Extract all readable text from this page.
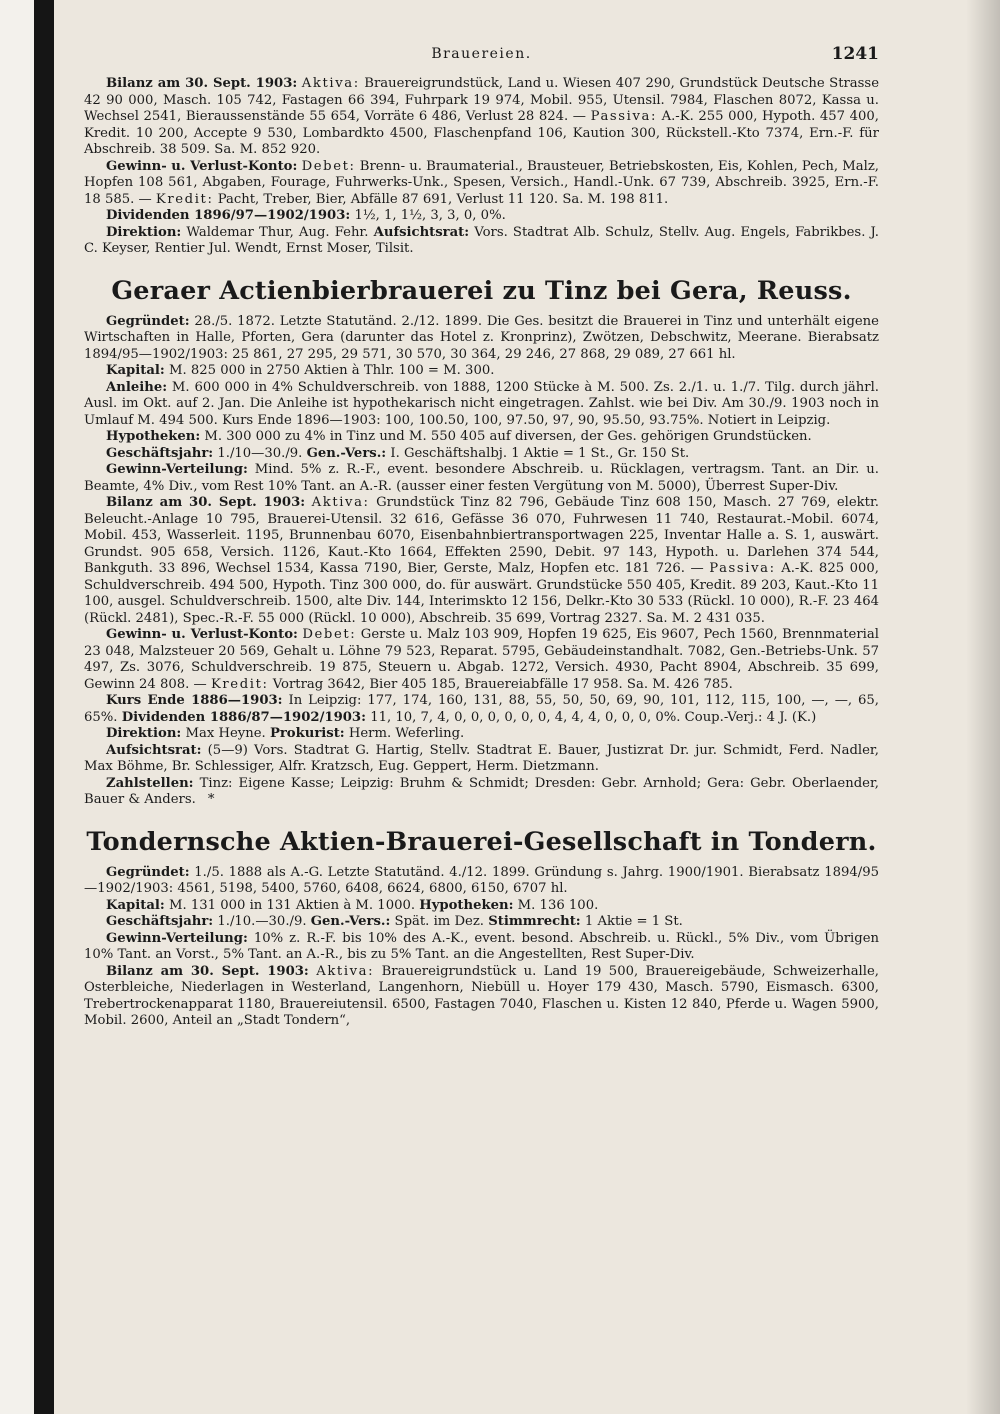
Brauereien.	1241

Bilanz am 30. Sept. 1903: Aktiva: Brauereigrundstück, Land u. Wiesen 407 290, Grundstück Deutsche Strasse 42 90 000, Masch. 105 742, Fastagen 66 394, Fuhrpark 19 974, Mobil. 955, Utensil. 7984, Flaschen 8072, Kassa u. Wechsel 2541, Bieraussenstände 55 654, Vorräte 6 486, Verlust 28 824. — Passiva: A.-K. 255 000, Hypoth. 457 400, Kredit. 10 200, Accepte 9 530, Lombardkto 4500, Flaschenpfand 106, Kaution 300, Rückstell.-Kto 7374, Ern.-F. für Abschreib. 38 509. Sa. M. 852 920.

Gewinn- u. Verlust-Konto: Debet: Brenn- u. Braumaterial., Brausteuer, Betriebskosten, Eis, Kohlen, Pech, Malz, Hopfen 108 561, Abgaben, Fourage, Fuhrwerks-Unk., Spesen, Versich., Handl.-Unk. 67 739, Abschreib. 3925, Ern.-F. 18 585. — Kredit: Pacht, Treber, Bier, Abfälle 87 691, Verlust 11 120. Sa. M. 198 811.

Dividenden 1896/97—1902/1903: 1½, 1, 1½, 3, 3, 0, 0%.

Direktion: Waldemar Thur, Aug. Fehr. Aufsichtsrat: Vors. Stadtrat Alb. Schulz, Stellv. Aug. Engels, Fabrikbes. J. C. Keyser, Rentier Jul. Wendt, Ernst Moser, Tilsit.

Geraer Actienbierbrauerei zu Tinz bei Gera, Reuss.

Gegründet: 28./5. 1872. Letzte Statutänd. 2./12. 1899. Die Ges. besitzt die Brauerei in Tinz und unterhält eigene Wirtschaften in Halle, Pforten, Gera (darunter das Hotel z. Kronprinz), Zwötzen, Debschwitz, Meerane. Bierabsatz 1894/95—1902/1903: 25 861, 27 295, 29 571, 30 570, 30 364, 29 246, 27 868, 29 089, 27 661 hl.

Kapital: M. 825 000 in 2750 Aktien à Thlr. 100 = M. 300.

Anleihe: M. 600 000 in 4% Schuldverschreib. von 1888, 1200 Stücke à M. 500. Zs. 2./1. u. 1./7. Tilg. durch jährl. Ausl. im Okt. auf 2. Jan. Die Anleihe ist hypothekarisch nicht eingetragen. Zahlst. wie bei Div. Am 30./9. 1903 noch in Umlauf M. 494 500. Kurs Ende 1896—1903: 100, 100.50, 100, 97.50, 97, 90, 95.50, 93.75%. Notiert in Leipzig.

Hypotheken: M. 300 000 zu 4% in Tinz und M. 550 405 auf diversen, der Ges. gehörigen Grundstücken.

Geschäftsjahr: 1./10—30./9. Gen.-Vers.: I. Geschäftshalbj. 1 Aktie = 1 St., Gr. 150 St.

Gewinn-Verteilung: Mind. 5% z. R.-F., event. besondere Abschreib. u. Rücklagen, vertragsm. Tant. an Dir. u. Beamte, 4% Div., vom Rest 10% Tant. an A.-R. (ausser einer festen Vergütung von M. 5000), Überrest Super-Div.

Bilanz am 30. Sept. 1903: Aktiva: Grundstück Tinz 82 796, Gebäude Tinz 608 150, Masch. 27 769, elektr. Beleucht.-Anlage 10 795, Brauerei-Utensil. 32 616, Gefässe 36 070, Fuhrwesen 11 740, Restaurat.-Mobil. 6074, Mobil. 453, Wasserleit. 1195, Brunnenbau 6070, Eisenbahnbiertransportwagen 225, Inventar Halle a. S. 1, auswärt. Grundst. 905 658, Versich. 1126, Kaut.-Kto 1664, Effekten 2590, Debit. 97 143, Hypoth. u. Darlehen 374 544, Bankguth. 33 896, Wechsel 1534, Kassa 7190, Bier, Gerste, Malz, Hopfen etc. 181 726. — Passiva: A.-K. 825 000, Schuldverschreib. 494 500, Hypoth. Tinz 300 000, do. für auswärt. Grundstücke 550 405, Kredit. 89 203, Kaut.-Kto 11 100, ausgel. Schuldverschreib. 1500, alte Div. 144, Interimskto 12 156, Delkr.-Kto 30 533 (Rückl. 10 000), R.-F. 23 464 (Rückl. 2481), Spec.-R.-F. 55 000 (Rückl. 10 000), Abschreib. 35 699, Vortrag 2327. Sa. M. 2 431 035.

Gewinn- u. Verlust-Konto: Debet: Gerste u. Malz 103 909, Hopfen 19 625, Eis 9607, Pech 1560, Brennmaterial 23 048, Malzsteuer 20 569, Gehalt u. Löhne 79 523, Reparat. 5795, Gebäudeinstandhalt. 7082, Gen.-Betriebs-Unk. 57 497, Zs. 3076, Schuldverschreib. 19 875, Steuern u. Abgab. 1272, Versich. 4930, Pacht 8904, Abschreib. 35 699, Gewinn 24 808. — Kredit: Vortrag 3642, Bier 405 185, Brauereiabfälle 17 958. Sa. M. 426 785.

Kurs Ende 1886—1903: In Leipzig: 177, 174, 160, 131, 88, 55, 50, 50, 69, 90, 101, 112, 115, 100, —, —, 65, 65%. Dividenden 1886/87—1902/1903: 11, 10, 7, 4, 0, 0, 0, 0, 0, 0, 4, 4, 4, 0, 0, 0, 0%. Coup.-Verj.: 4 J. (K.)

Direktion: Max Heyne. Prokurist: Herm. Weferling.

Aufsichtsrat: (5—9) Vors. Stadtrat G. Hartig, Stellv. Stadtrat E. Bauer, Justizrat Dr. jur. Schmidt, Ferd. Nadler, Max Böhme, Br. Schlessiger, Alfr. Kratzsch, Eug. Geppert, Herm. Dietzmann.

Zahlstellen: Tinz: Eigene Kasse; Leipzig: Bruhm & Schmidt; Dresden: Gebr. Arnhold; Gera: Gebr. Oberlaender, Bauer & Anders. *

Tondernsche Aktien-Brauerei-Gesellschaft in Tondern.

Gegründet: 1./5. 1888 als A.-G. Letzte Statutänd. 4./12. 1899. Gründung s. Jahrg. 1900/1901. Bierabsatz 1894/95—1902/1903: 4561, 5198, 5400, 5760, 6408, 6624, 6800, 6150, 6707 hl.

Kapital: M. 131 000 in 131 Aktien à M. 1000. Hypotheken: M. 136 100.

Geschäftsjahr: 1./10.—30./9. Gen.-Vers.: Spät. im Dez. Stimmrecht: 1 Aktie = 1 St.

Gewinn-Verteilung: 10% z. R.-F. bis 10% des A.-K., event. besond. Abschreib. u. Rückl., 5% Div., vom Übrigen 10% Tant. an Vorst., 5% Tant. an A.-R., bis zu 5% Tant. an die Angestellten, Rest Super-Div.

Bilanz am 30. Sept. 1903: Aktiva: Brauereigrundstück u. Land 19 500, Brauereigebäude, Schweizerhalle, Osterbleiche, Niederlagen in Westerland, Langenhorn, Niebüll u. Hoyer 179 430, Masch. 5790, Eismasch. 6300, Trebertrockenapparat 1180, Brauereiutensil. 6500, Fastagen 7040, Flaschen u. Kisten 12 840, Pferde u. Wagen 5900, Mobil. 2600, Anteil an „Stadt Tondern“,
